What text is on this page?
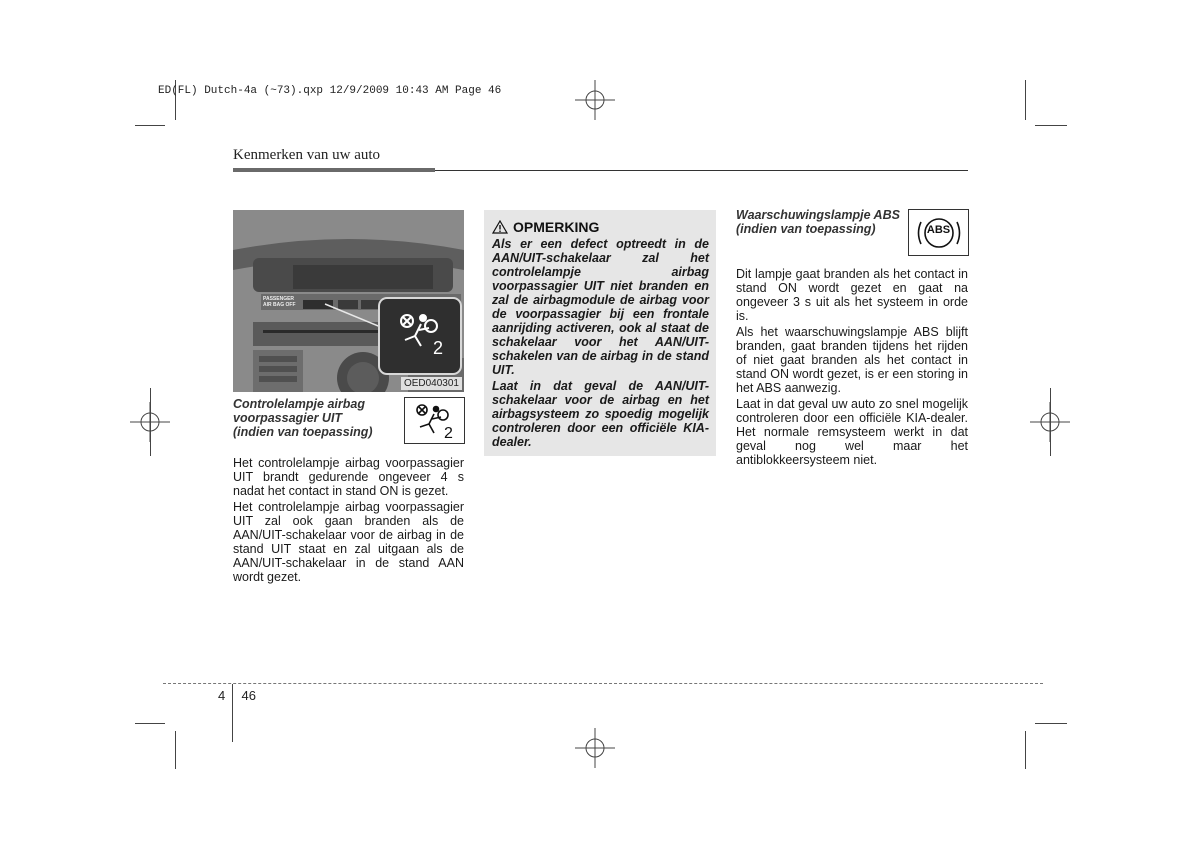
ED(FL) Dutch-4a (~73).qxp 12/9/2009 10:43 AM Page 46
Kenmerken van uw auto
PASSENGER AIR BAG OFF
2
OED040301
Controlelampje airbag
voorpassagier UIT
(indien van toepassing)	2

Het controlelampje airbag voorpassagier UIT brandt gedurende ongeveer 4 s nadat het contact in stand ON is gezet.

Het controlelampje airbag voorpassagier UIT zal ook gaan branden als de AAN/UIT-schakelaar voor de airbag in de stand UIT staat en zal uitgaan als de AAN/UIT-schakelaar in de stand AAN wordt gezet.

OPMERKING

Als er een defect optreedt in de AAN/UIT-schakelaar zal het controlelampje airbag voorpassagier UIT niet branden en zal de airbagmodule de airbag voor de voorpassagier bij een frontale aanrijding activeren, ook al staat de schakelaar voor het AAN/UIT-schakelen van de airbag in de stand UIT.

Laat in dat geval de AAN/UIT-schakelaar voor de airbag en het airbagsysteem zo spoedig mogelijk controleren door een officiële KIA-dealer.

Waarschuwingslampje ABS
(indien van toepassing)	ABS

Dit lampje gaat branden als het contact in stand ON wordt gezet en gaat na ongeveer 3 s uit als het systeem in orde is.

Als het waarschuwingslampje ABS blijft branden, gaat branden tijdens het rijden of niet gaat branden als het contact in stand ON wordt gezet, is er een storing in het ABS aanwezig.

Laat in dat geval uw auto zo snel mogelijk controleren door een officiële KIA-dealer. Het normale remsysteem werkt in dat geval nog wel maar het antiblokkeersysteem niet.

4 46
